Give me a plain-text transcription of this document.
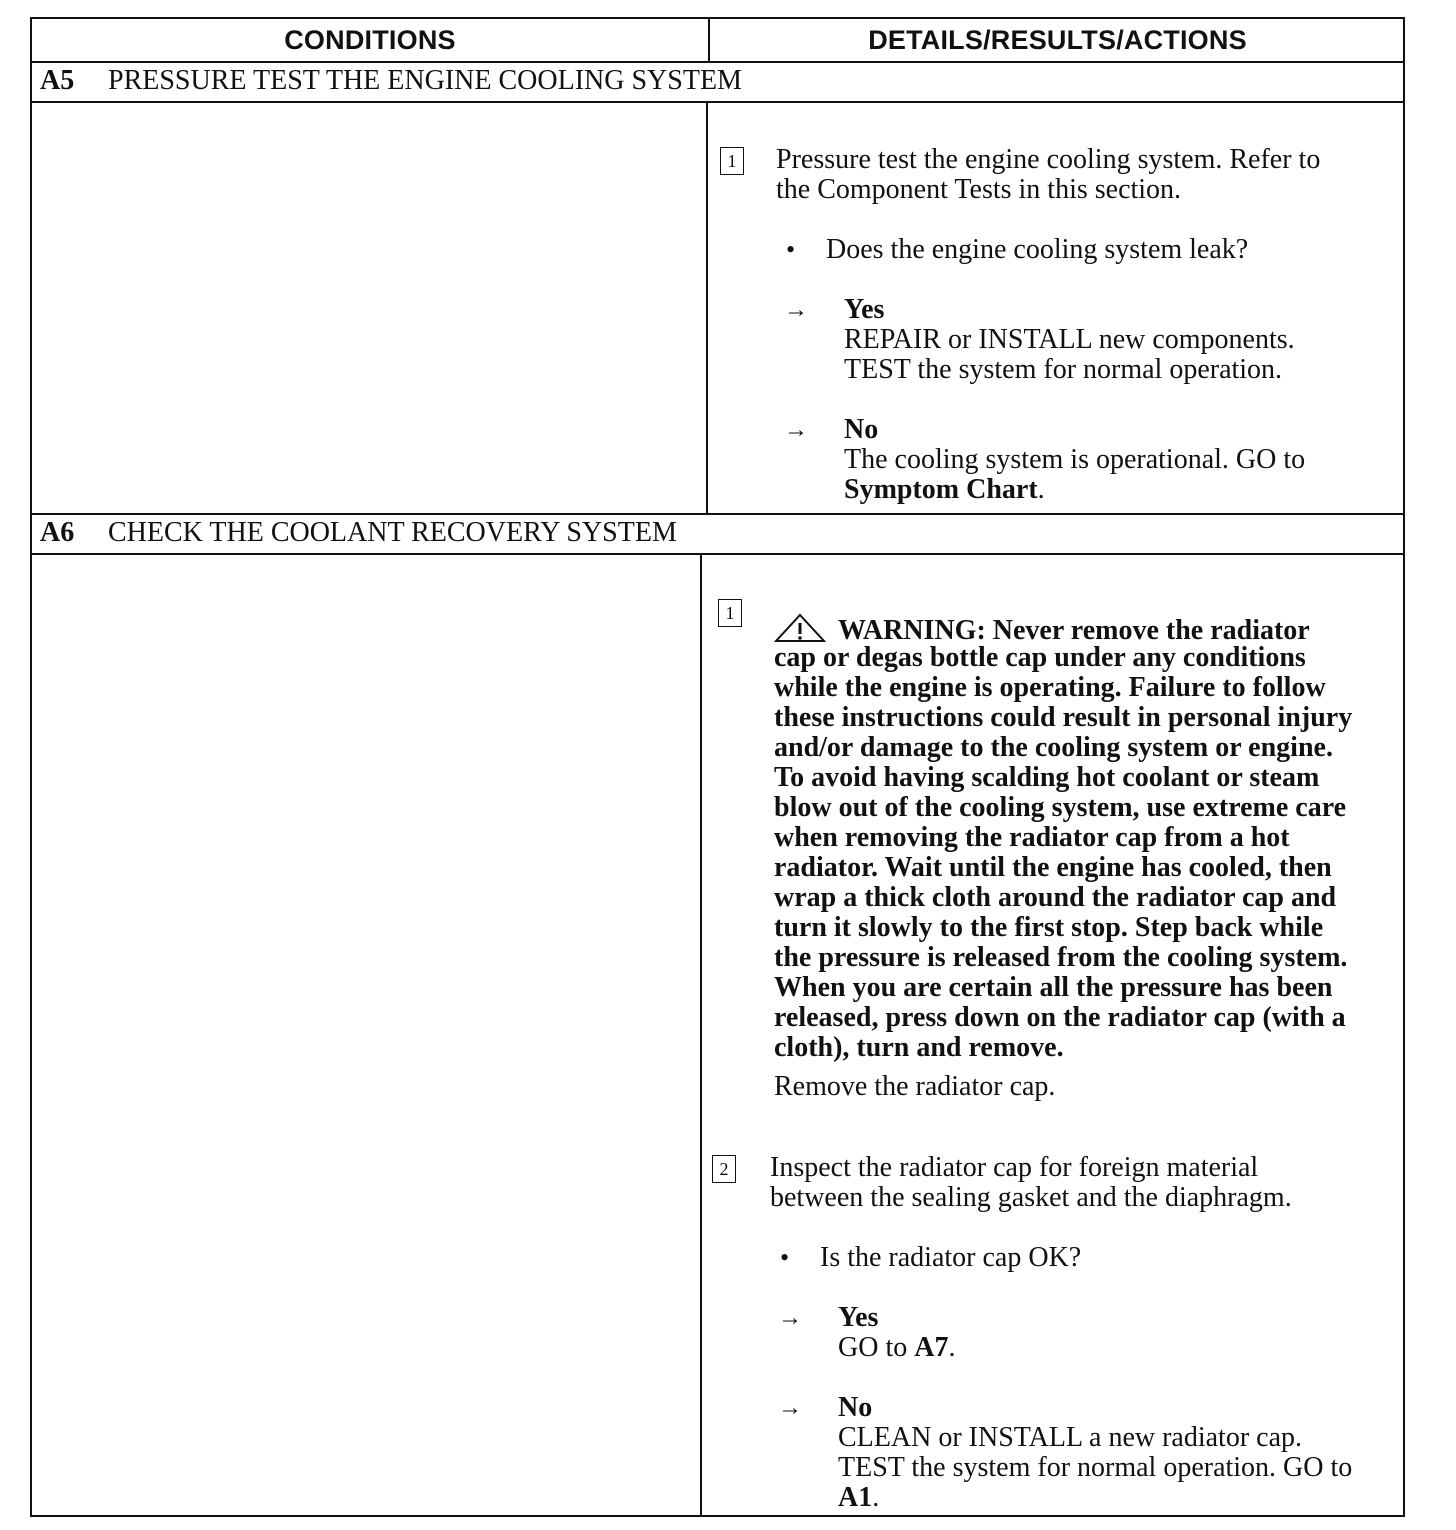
CONDITIONS	DETAILS/RESULTS/ACTIONS
A5 PRESSURE TEST THE ENGINE COOLING SYSTEM
1 Pressure test the engine cooling system. Refer to
the Component Tests in this section.
• Does the engine cooling system leak?
→ Yes
REPAIR or INSTALL new components.
TEST the system for normal operation.
→ No
The cooling system is operational. GO to
Symptom Chart.
A6 CHECK THE COOLANT RECOVERY SYSTEM
1
WARNING: Never remove the radiator
cap or degas bottle cap under any conditions
while the engine is operating. Failure to follow
these instructions could result in personal injury
and/or damage to the cooling system or engine.
To avoid having scalding hot coolant or steam
blow out of the cooling system, use extreme care
when removing the radiator cap from a hot
radiator. Wait until the engine has cooled, then
wrap a thick cloth around the radiator cap and
turn it slowly to the first stop. Step back while
the pressure is released from the cooling system.
When you are certain all the pressure has been
released, press down on the radiator cap (with a
cloth), turn and remove.
Remove the radiator cap.
2 Inspect the radiator cap for foreign material
between the sealing gasket and the diaphragm.
• Is the radiator cap OK?
→ Yes
GO to A7.
→ No
CLEAN or INSTALL a new radiator cap.
TEST the system for normal operation. GO to
A1.
